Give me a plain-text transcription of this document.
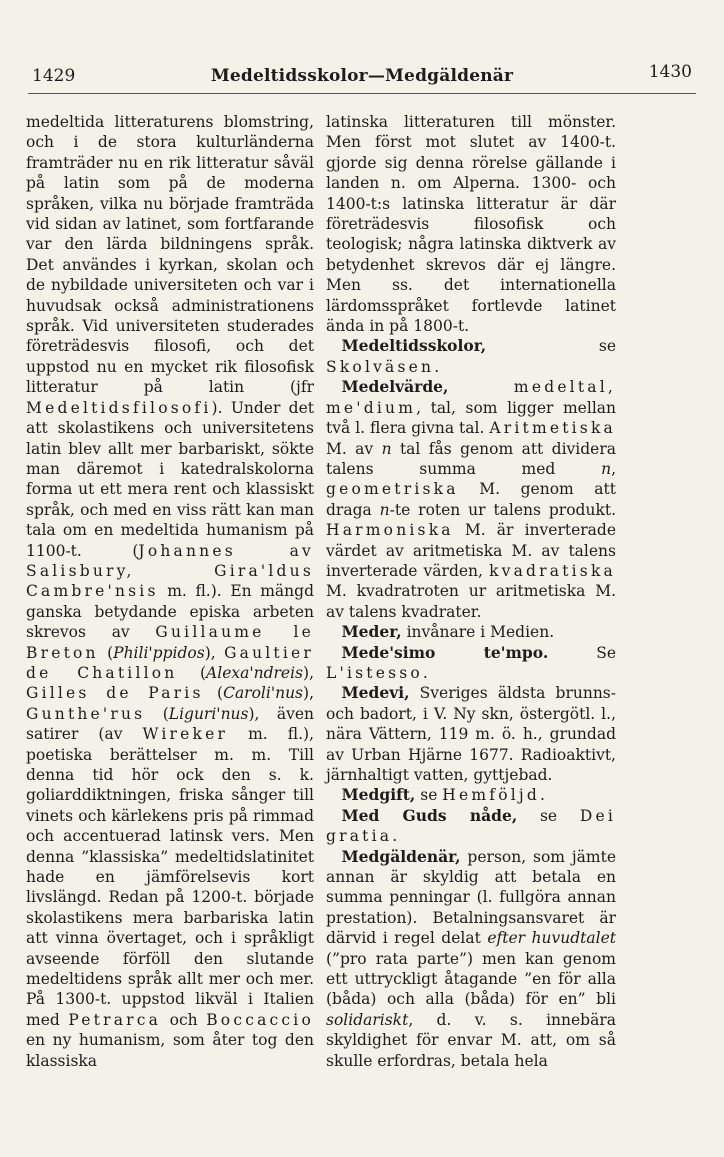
1429	Medeltidsskolor—Medgäldenär	1430

medeltida litteraturens blomstring, och i de stora kulturländerna framträder nu en rik litteratur såväl på latin som på de moderna språken, vilka nu började framträda vid sidan av latinet, som fortfarande var den lärda bildningens språk. Det användes i kyrkan, skolan och de nybildade universiteten och var i huvudsak också administrationens språk. Vid universiteten studerades företrädesvis filosofi, och det uppstod nu en mycket rik filosofisk litteratur på latin (jfr Medeltidsfilosofi). Under det att skolastikens och universitetens latin blev allt mer barbariskt, sökte man däremot i katedralskolorna forma ut ett mera rent och klassiskt språk, och med en viss rätt kan man tala om en medeltida humanism på 1100-t. (Johannes av Salisbury, Gira'ldus Cambre'nsis m. fl.). En mängd ganska betydande episka arbeten skrevos av Guillaume le Breton (Phili'ppidos), Gaultier de Chatillon (Alexa'ndreis), Gilles de Paris (Caroli'nus), Gunthe'rus (Liguri'nus), även satirer (av Wireker m. fl.), poetiska berättelser m. m. Till denna tid hör ock den s. k. goliarddiktningen, friska sånger till vinets och kärlekens pris på rimmad och accentuerad latinsk vers. Men denna ”klassiska” medeltidslatinitet hade en jämförelsevis kort livslängd. Redan på 1200-t. började skolastikens mera barbariska latin att vinna övertaget, och i språkligt avseende förföll den slutande medeltidens språk allt mer och mer. På 1300-t. uppstod likväl i Italien med Petrarca och Boccaccio en ny humanism, som åter tog den klassiska

latinska litteraturen till mönster. Men först mot slutet av 1400-t. gjorde sig denna rörelse gällande i landen n. om Alperna. 1300- och 1400-t:s latinska litteratur är där företrädesvis filosofisk och teologisk; några latinska diktverk av betydenhet skrevos där ej längre. Men ss. det internationella lärdomsspråket fortlevde latinet ända in på 1800-t.

 Medeltidsskolor, se Skolväsen.

 Medelvärde,	medeltal, me'dium, tal, som ligger mellan två l. flera givna tal. Aritmetiska M. av n tal fås genom att dividera talens summa med n, geometriska M. genom att draga n-te roten ur talens produkt. Harmoniska M. är inverterade värdet av aritmetiska M. av talens inverterade värden, kvadratiska M. kvadratroten ur aritmetiska M. av talens kvadrater.

 Meder, invånare i Medien.

 Mede'simo te'mpo. Se L'istesso.

 Medevi, Sveriges äldsta brunns- och badort, i V. Ny skn, östergötl. l., nära Vättern, 119 m. ö. h., grundad av Urban Hjärne 1677. Radioaktivt, järnhaltigt vatten, gyttjebad.

 Medgift, se Hemföljd.

 Med Guds nåde, se Dei gratia.

 Medgäldenär, person, som jämte annan är skyldig att betala en summa penningar (l. fullgöra annan prestation). Betalningsansvaret är därvid i regel delat efter huvudtalet (”pro rata parte”) men kan genom ett uttryckligt åtagande ”en för alla (båda) och alla (båda) för en” bli solidariskt, d. v. s. innebära skyldighet för envar M. att, om så skulle erfordras, betala hela
